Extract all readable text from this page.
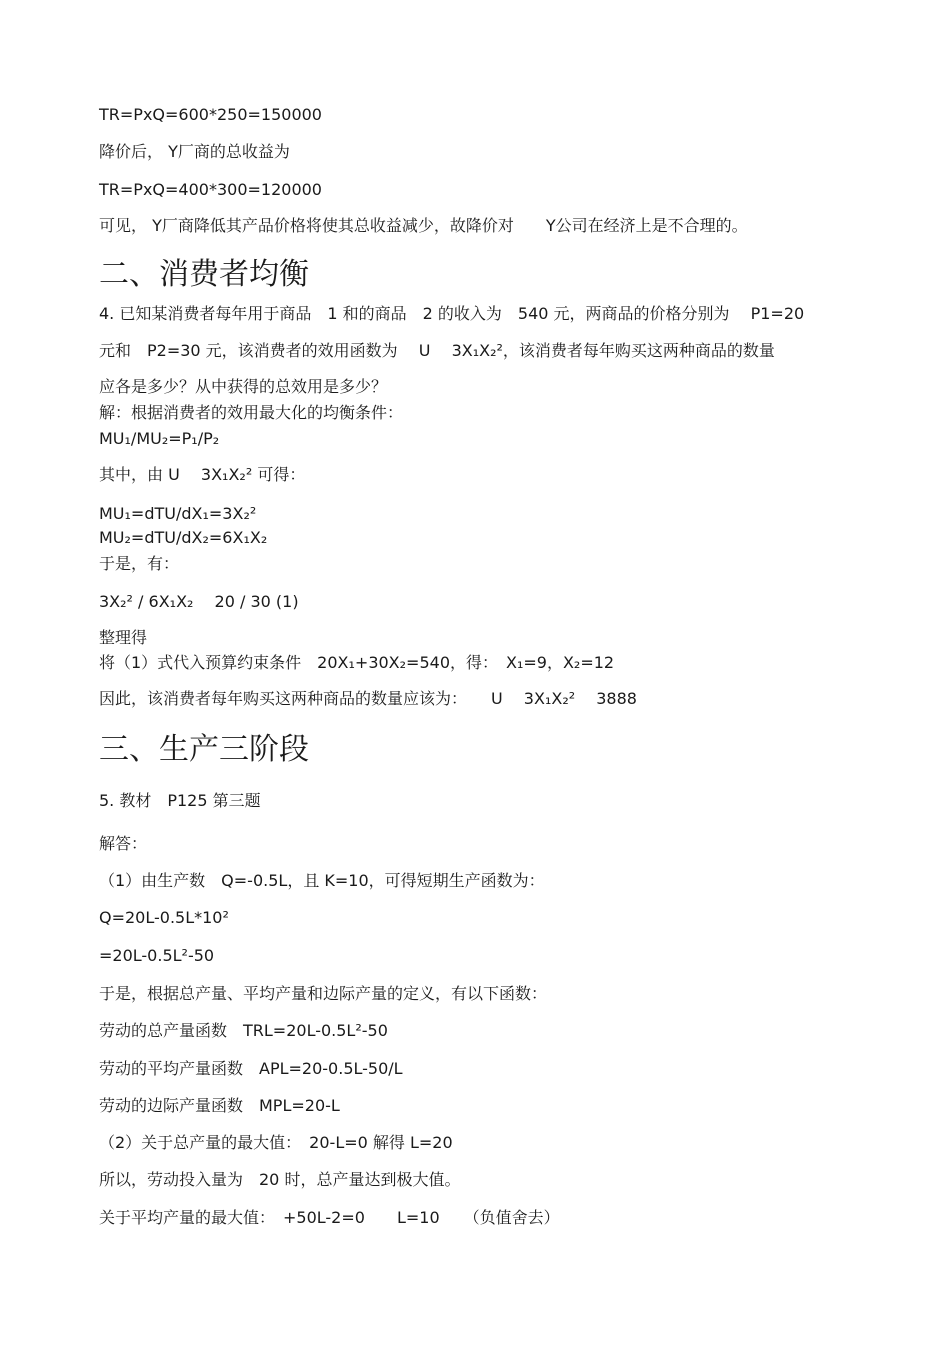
TR=PxQ=600*250=150000

降价后， Y厂商的总收益为

TR=PxQ=400*300=120000

可见， Y厂商降低其产品价格将使其总收益减少，故降价对　　Y公司在经济上是不合理的。

二、消费者均衡

4. 已知某消费者每年用于商品　1 和的商品　2 的收入为　540 元，两商品的价格分别为　 P1=20

元和　P2=30 元，该消费者的效用函数为　 U　 3X₁X₂²，该消费者每年购买这两种商品的数量

应各是多少？从中获得的总效用是多少？

解：根据消费者的效用最大化的均衡条件：

MU₁/MU₂=P₁/P₂

其中，由 U　 3X₁X₂² 可得：

MU₁=dTU/dX₁=3X₂²

MU₂=dTU/dX₂=6X₁X₂

于是，有：

3X₂² / 6X₁X₂　 20 / 30 (1)

整理得

将（1）式代入预算约束条件　20X₁+30X₂=540，得：　X₁=9，X₂=12

因此，该消费者每年购买这两种商品的数量应该为：　　U　 3X₁X₂²　 3888

三、生产三阶段

5. 教材　P125 第三题

解答：

（1）由生产数　Q=-0.5L，且 K=10，可得短期生产函数为：

Q=20L-0.5L*10²

=20L-0.5L²-50

于是，根据总产量、平均产量和边际产量的定义，有以下函数：

劳动的总产量函数　TRL=20L-0.5L²-50

劳动的平均产量函数　APL=20-0.5L-50/L

劳动的边际产量函数　MPL=20-L

（2）关于总产量的最大值：　20-L=0 解得 L=20

所以，劳动投入量为　20 时，总产量达到极大值。

关于平均产量的最大值：　+50L-2=0　　L=10　　（负值舍去）
